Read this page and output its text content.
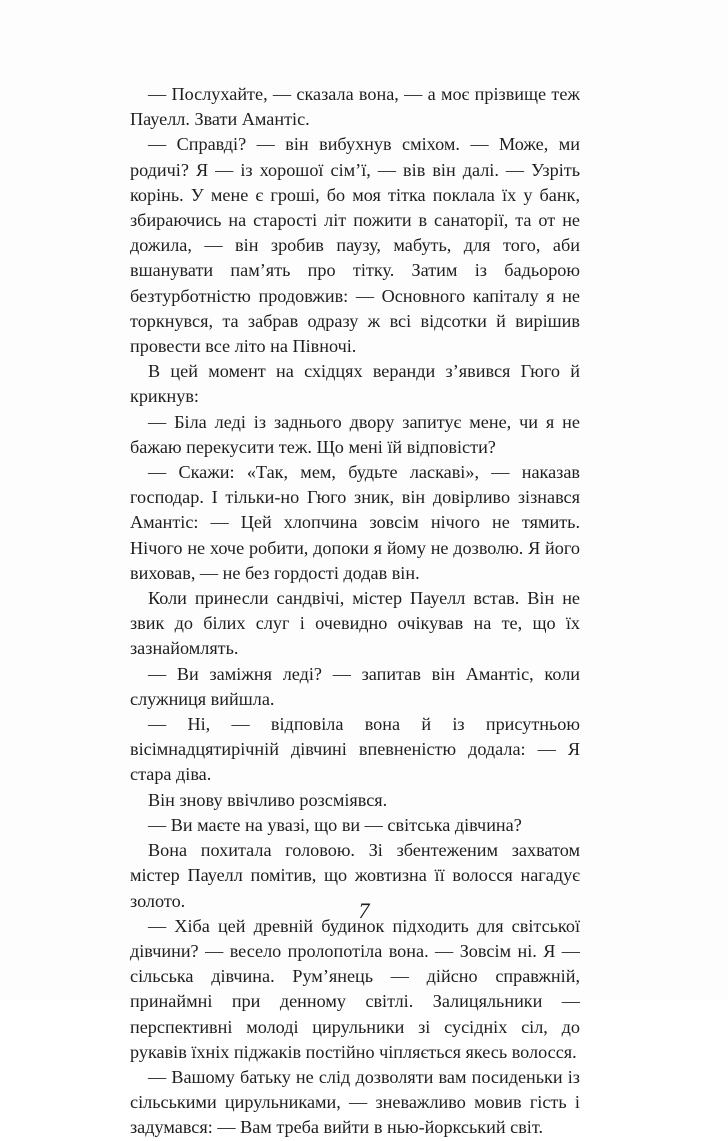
— Послухайте, — сказала вона, — а моє прізвище теж Пауелл. Звати Амантіс.

— Справді? — він вибухнув сміхом. — Може, ми родичі? Я — із хорошої сім’ї, — вів він далі. — Узріть корінь. У мене є гроші, бо моя тітка поклала їх у банк, збираючись на старості літ пожити в санаторії, та от не дожила, — він зробив паузу, мабуть, для того, аби вшанувати пам’ять про тітку. Затим із бадьорою безтурботністю продовжив: — Основного капіталу я не торкнувся, та забрав одразу ж всі відсотки й вирішив провести все літо на Півночі.

В цей момент на східцях веранди з’явився Гюго й крикнув:

— Біла леді із заднього двору запитує мене, чи я не бажаю перекусити теж. Що мені їй відповісти?

— Скажи: «Так, мем, будьте ласкаві», — наказав господар. І тільки-но Гюго зник, він довірливо зізнався Амантіс: — Цей хлопчина зовсім нічого не тямить. Нічого не хоче робити, допоки я йому не дозволю. Я його виховав, — не без гордості додав він.

Коли принесли сандвічі, містер Пауелл встав. Він не звик до білих слуг і очевидно очікував на те, що їх зазнайомлять.

— Ви заміжня леді? — запитав він Амантіс, коли служниця вийшла.

— Ні, — відповіла вона й із присутньою вісімнадцятирічній дівчині впевненістю додала: — Я стара діва.

Він знову ввічливо розсміявся.

— Ви маєте на увазі, що ви — світська дівчина?

Вона похитала головою. Зі збентеженим захватом містер Пауелл помітив, що жовтизна її волосся нагадує золото.

— Хіба цей древній будинок підходить для світської дівчини? — весело пролопотіла вона. — Зовсім ні. Я — сільська дівчина. Рум’янець — дійсно справжній, принаймні при денному світлі. Залицяльники — перспективні молоді цирульники зі сусідніх сіл, до рукавів їхніх піджаків постійно чіпляється якесь волосся.

— Вашому батьку не слід дозволяти вам посиденьки із сільськими цирульниками, — зневажливо мовив гість і задумався: — Вам треба вийти в нью-йоркський світ.

7
